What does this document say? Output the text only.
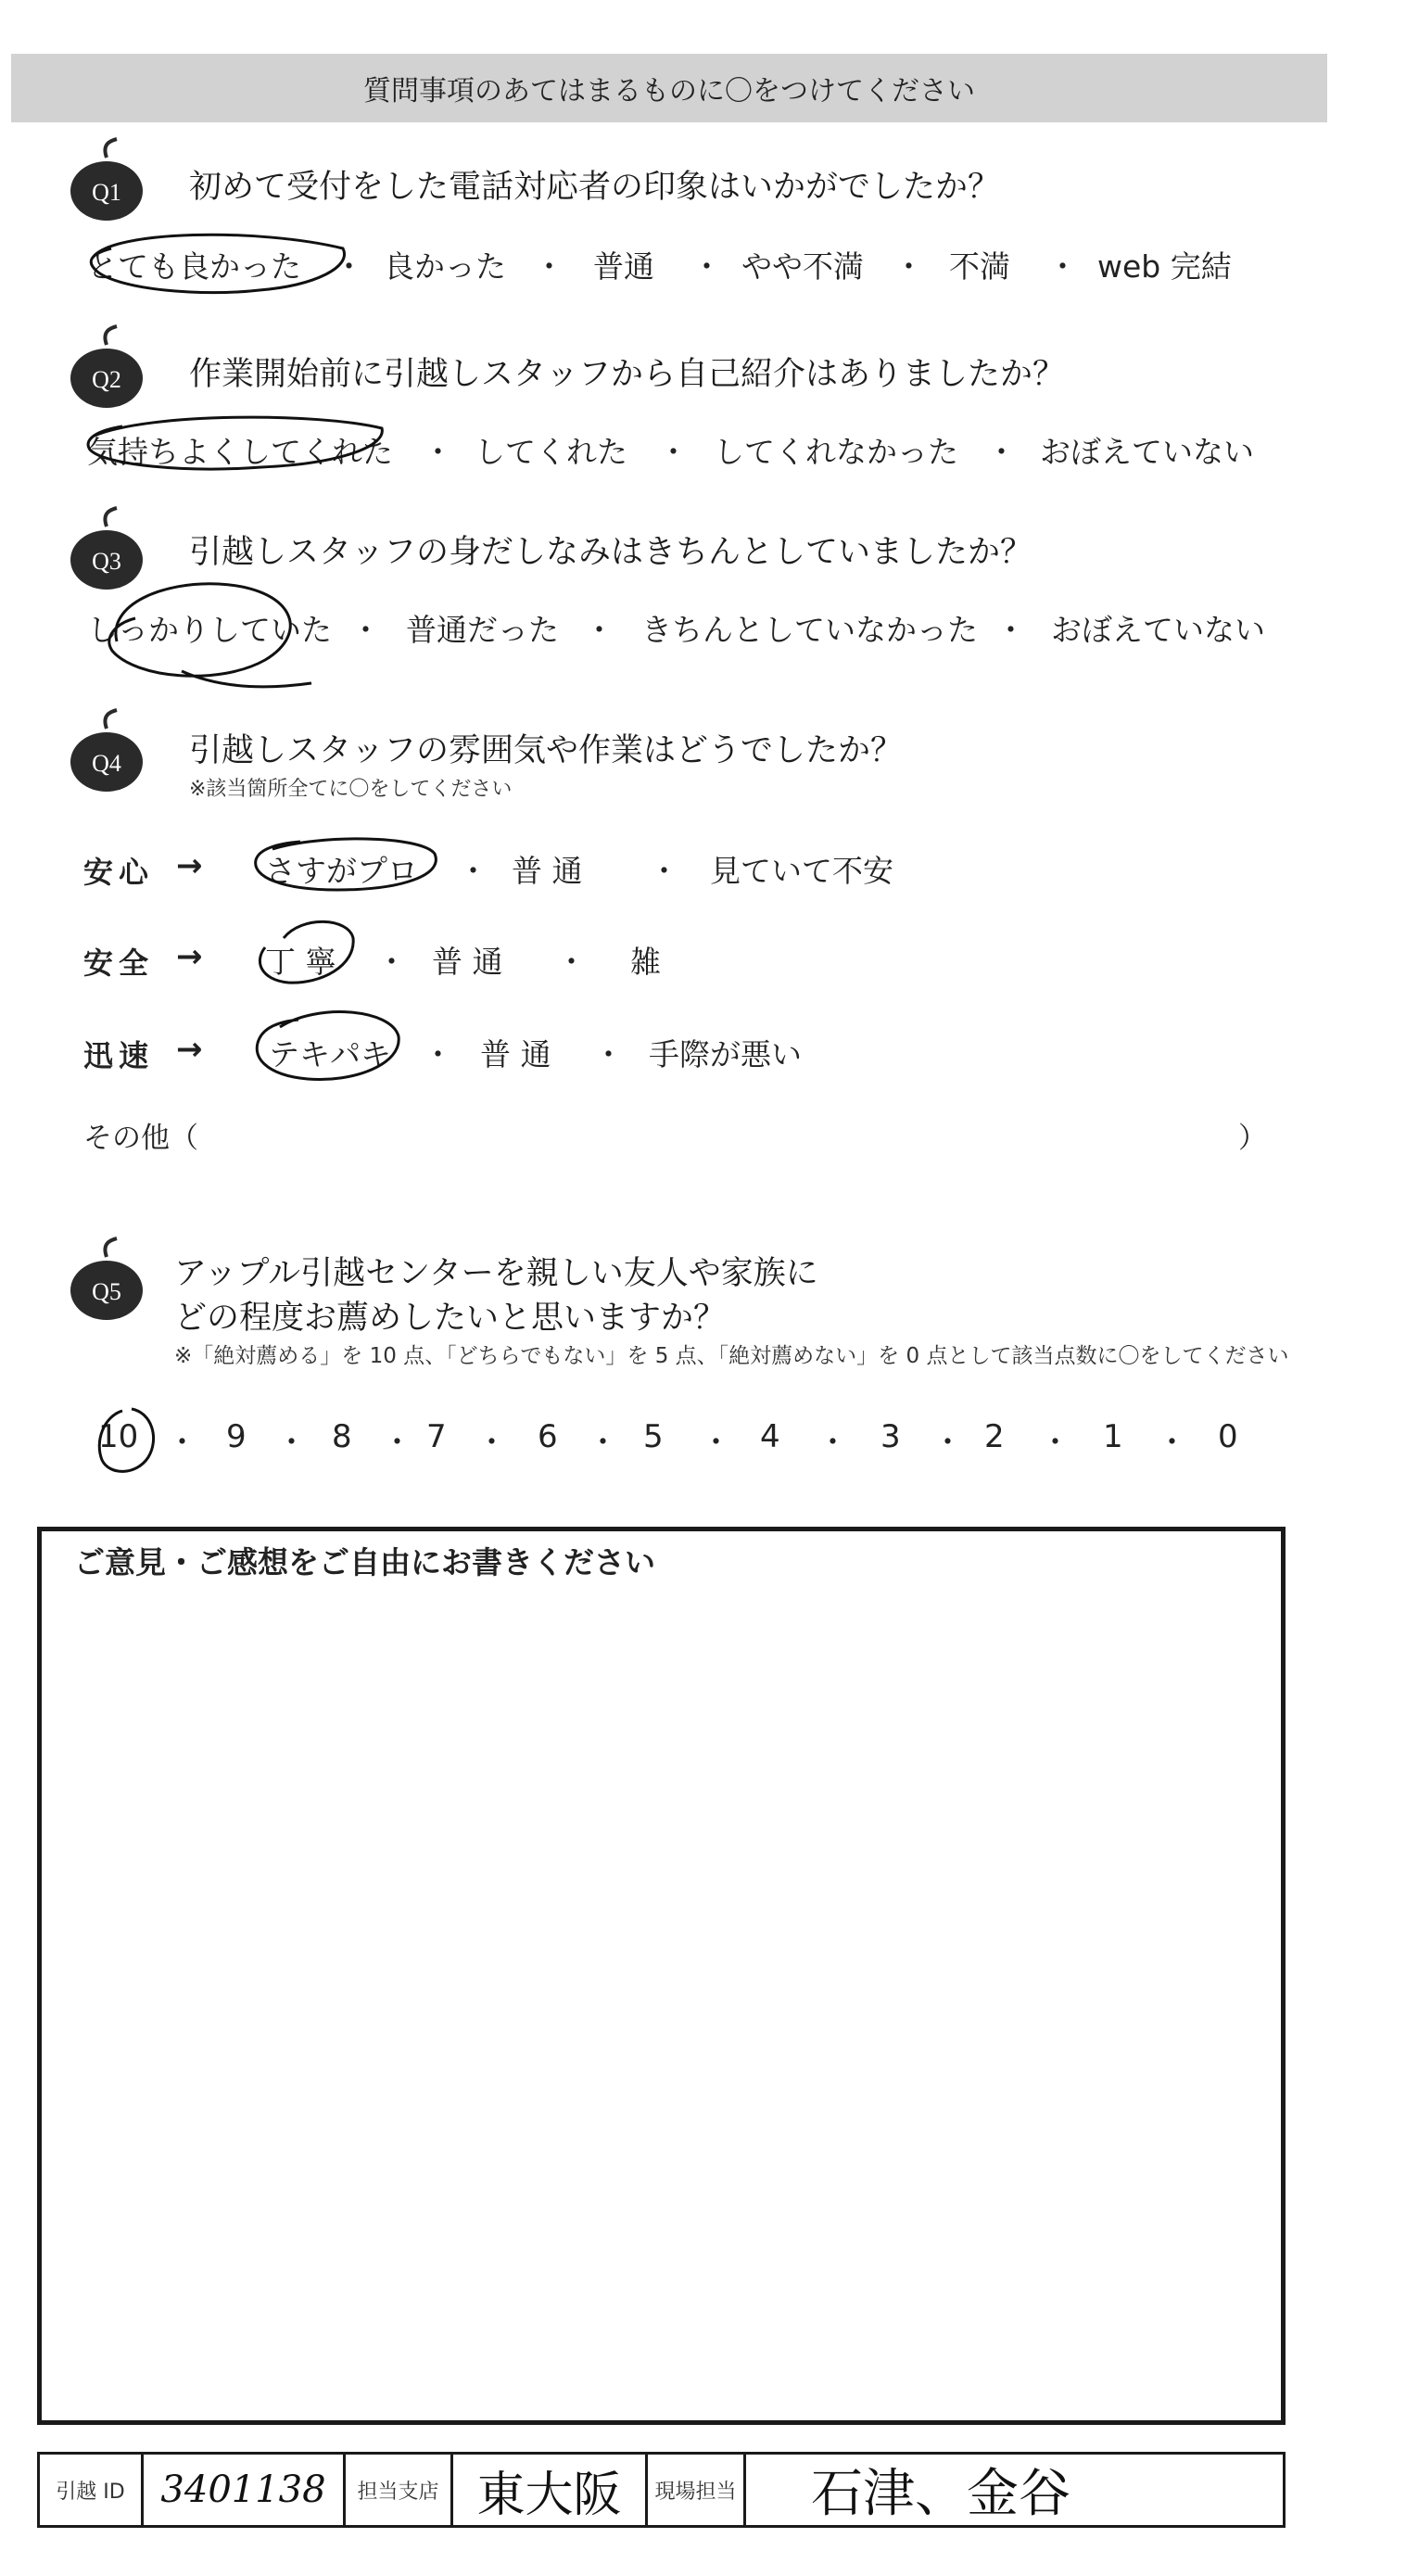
質問事項のあてはまるものに〇をつけてください
Q1 初めて受付をした電話対応者の印象はいかがでしたか？
とても良かった ・ 良かった ・ 普通 ・ やや不満 ・ 不満 ・ web 完結
Q2 作業開始前に引越しスタッフから自己紹介はありましたか？
気持ちよくしてくれた ・ してくれた ・ してくれなかった ・ おぼえていない
Q3 引越しスタッフの身だしなみはきちんとしていましたか？
しっかりしていた ・ 普通だった ・ きちんとしていなかった ・ おぼえていない
Q4 引越しスタッフの雰囲気や作業はどうでしたか？
※該当箇所全てに〇をしてください
安心 → さすがプロ ・ 普 通 ・ 見ていて不安
安全 → 丁 寧 ・ 普 通 ・ 雑
迅速 → テキパキ ・ 普 通 ・ 手際が悪い
その他（	）
Q5 アップル引越センターを親しい友人や家族に
どの程度お薦めしたいと思いますか？
※「絶対薦める」を 10 点、「どちらでもない」を 5 点、「絶対薦めない」を 0 点として該当点数に〇をしてください
10 ・ 9 ・ 8 ・ 7 ・ 6 ・ 5 ・ 4 ・ 3 ・ 2 ・ 1 ・ 0
ご意見・ご感想をご自由にお書きください
引越 ID 3401138 担当支店 東大阪 現場担当 石津、金谷
